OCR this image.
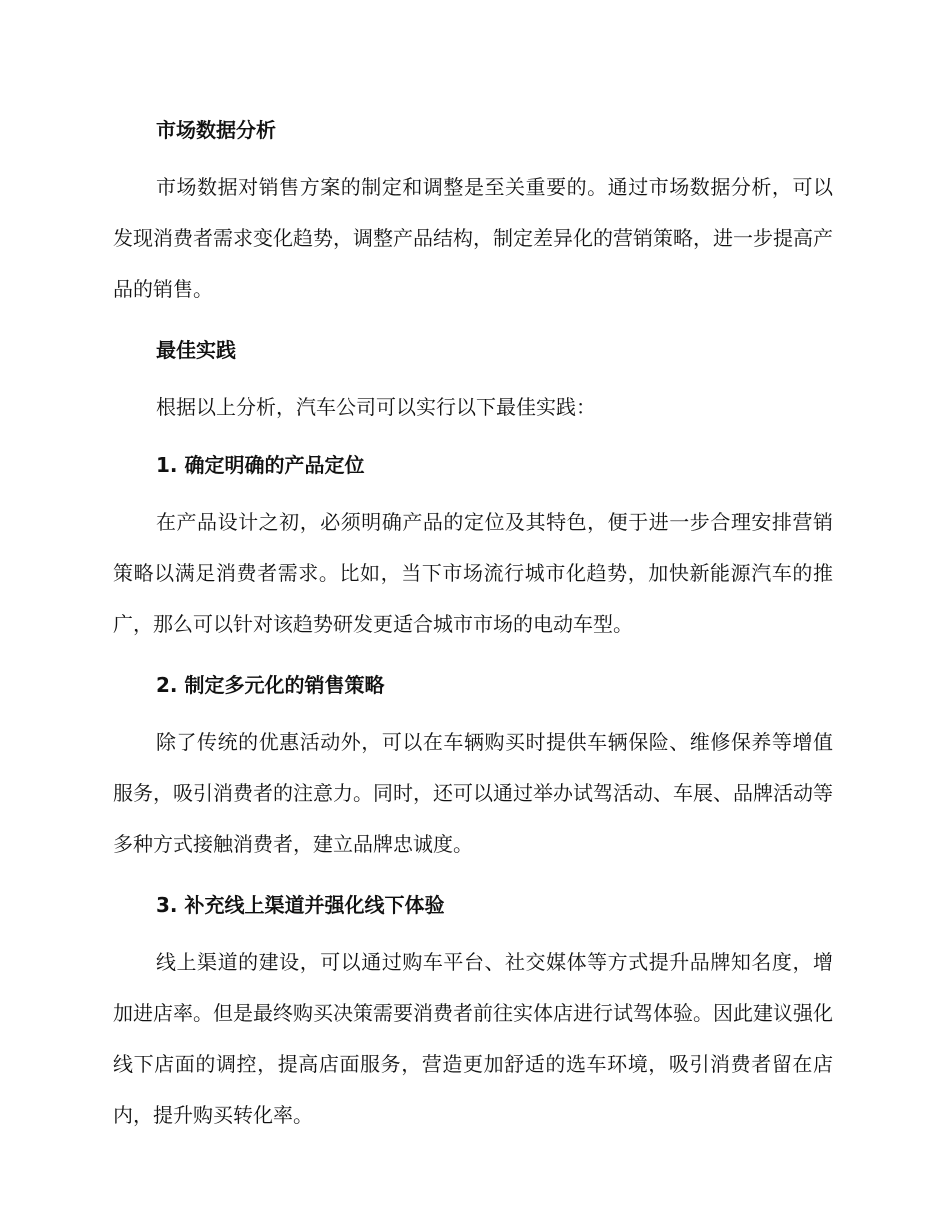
市场数据分析

市场数据对销售方案的制定和调整是至关重要的。通过市场数据分析，可以发现消费者需求变化趋势，调整产品结构，制定差异化的营销策略，进一步提高产品的销售。

最佳实践

根据以上分析，汽车公司可以实行以下最佳实践：

1. 确定明确的产品定位

在产品设计之初，必须明确产品的定位及其特色，便于进一步合理安排营销策略以满足消费者需求。比如，当下市场流行城市化趋势，加快新能源汽车的推广，那么可以针对该趋势研发更适合城市市场的电动车型。

2. 制定多元化的销售策略

除了传统的优惠活动外，可以在车辆购买时提供车辆保险、维修保养等增值服务，吸引消费者的注意力。同时，还可以通过举办试驾活动、车展、品牌活动等多种方式接触消费者，建立品牌忠诚度。

3. 补充线上渠道并强化线下体验

线上渠道的建设，可以通过购车平台、社交媒体等方式提升品牌知名度，增加进店率。但是最终购买决策需要消费者前往实体店进行试驾体验。因此建议强化线下店面的调控，提高店面服务，营造更加舒适的选车环境，吸引消费者留在店内，提升购买转化率。
